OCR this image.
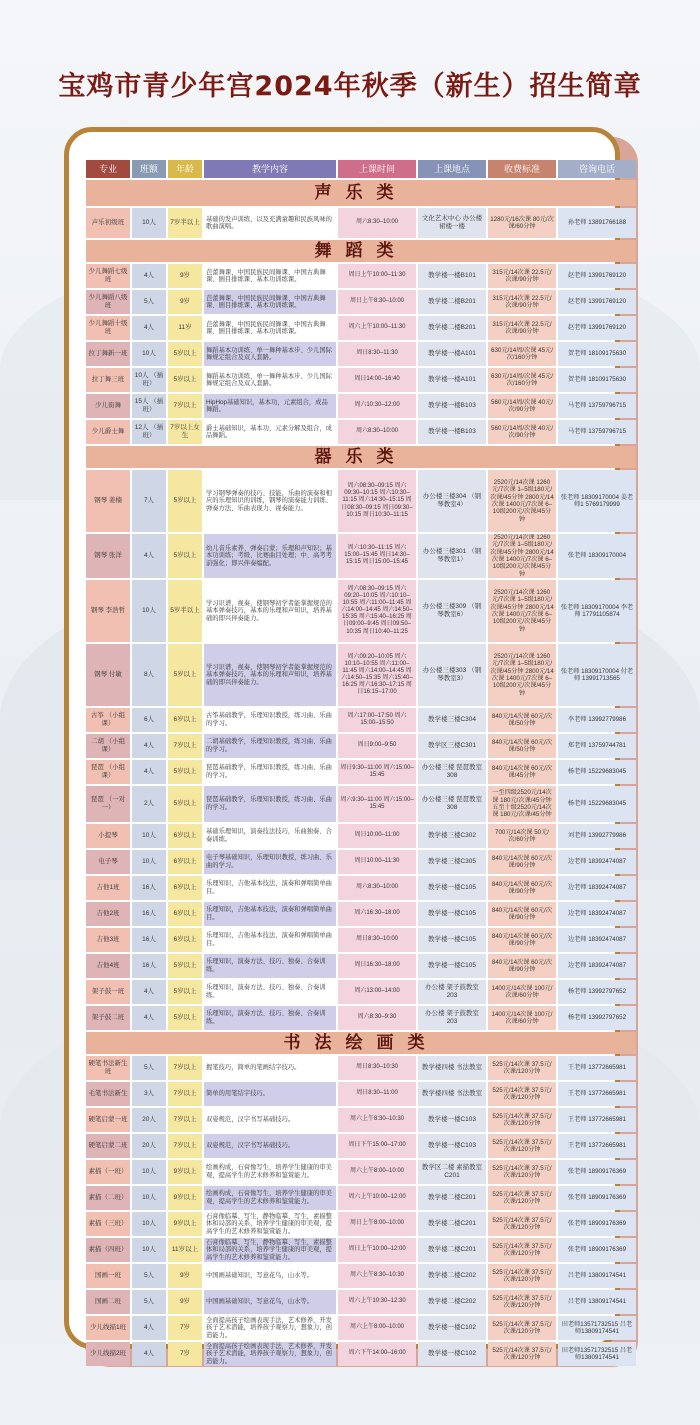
宝鸡市青少年宫2024年秋季（新生）招生简章
专业	班额	年龄	教学内容	上课时间	上课地点	收费标准	咨询电话
声乐类							
声乐初级班	10人	7岁半以上	基础的发声训练，以及充满童趣和民族风味的歌曲演唱。	周六8:30–10:00	文化艺术中心 办公楼裙楼一楼	1280元/16次课 80元/次课/60分钟	孙老师 13891766188
舞蹈类							
少儿舞蹈七级班	4人	9岁	芭蕾舞课、中国民族民间舞课、中国古典舞课、剧目排练课、基本功训练课。	周日上午10:00–11:30	教学楼一楼B101	315元/14次课 22.5元/次课/90分钟	赵老师 13991769120
少儿舞蹈八级班	5人	9岁	芭蕾舞课、中国民族民间舞课、中国古典舞课、剧目排练课、基本功训练课。	周日上午8:30–10:00	教学楼二楼B201	315元/14次课 22.5元/次课/90分钟	赵老师 13991769120
少儿舞蹈十级班	4人	11岁	芭蕾舞课、中国民族民间舞课、中国古典舞课、剧目排练课、基本功训练课。	周六上午10:00–11:30	教学楼二楼B201	315元/14次课 22.5元/次课/90分钟	赵老师 13991769120
拉丁舞新一班	10人	5岁以上	舞蹈基本功训练、单一舞种基本步、少儿国际舞规定组合及双人套路。	周日8:30–11:30	教学楼一楼A101	630元/14周/次课 45元/次/160分钟	贺老师 18109175630
拉丁舞三班	10人 （插班）	5岁以上	舞蹈基本功训练、单一舞种基本步、少儿国际舞规定组合及双人套路。	周日14:00–16:40	教学楼一楼A101	630元/14周/次课 45元/次/160分钟	贺老师 18109175630
少儿街舞	15人 （插班）	7岁以上	HipHop基础知识，基本功，元素组合，成品舞蹈。	周六10:30–12:00	教学楼一楼B103	560元/14周/次课 40元/次/90分钟	马老师 13759796715
少儿爵士舞	12人 （插班）	7岁以上女生	爵士基础知识，基本功，元素分解及组合，成品舞蹈。	周六8:30–10:00	教学楼一楼B103	560元/14周/次课 40元/次/90分钟	马老师 13759796715
器乐类							
钢琴 姜楠	7人	5岁以上	学习钢琴弹奏的技巧、技能，乐曲的演奏和相应的乐理知识的训练，钢琴的演奏能力训练、弹奏方法、乐曲表现力、视奏能力。	周六08:30–09:15 周六09:30–10:15 周六10:30–11:15 周六14:30–15:15 周日08:30–09:15 周日09:30–10:15 周日10:30–11:15	办公楼三楼304 （钢琴教室4）	2520元/14次课 1260元/7次课 1–5级180元/次课/45分钟 2800元/14次课 1400元/7次课 6–10级200元/次课/45分钟	张老师 18309170004 姜老师1 5769179999
钢琴 张洋	4人	5岁以上	幼儿音乐素养、弹奏启蒙；乐理和声知识；基本功训练；考级、比赛曲目处理；中、高考考前强化；即兴伴奏编配。	周六10:30–11:15 周六15:00–15:45 周日14:30–15:15 周日15:00–15:45	办公楼三楼301 （钢琴教室1）	2520元/14次课 1260元/7次课 1–5级180元/次课/45分钟 2800元/14次课 1400元/7次课 6–10级200元/次课/45分钟	张老师 18309170004
钢琴 李浩哲	10人	5岁半以上	学习识谱，视奏，使钢琴初学者能掌握规范的基本弹奏技巧，基本的乐理和声知识，培养基础的即兴伴奏能力。	周六08:30–09:15 周六09:20–10:05 周六10:10–10:55 周六11:00–11:45 周六14:00–14:45 周六14:50–15:35 周六15:40–16:25 周日09:00–9:45 周日09:50–10:35 周日10:40–11:25	办公楼三楼309 （钢琴教室6）	2520元/14次课 1260元/7次课 1–5级180元/次课/45分钟 2800元/14次课 1400元/7次课 6–10级200元/次课/45分钟	张老师 18309170004 李老师 17791105874
钢琴 付敏	8人	5岁以上	学习识谱，视奏，使钢琴初学者能掌握规范的基本弹奏技巧，基本的乐理和声知识，培养基础的即兴伴奏能力。	周六09:20–10:05 周六10:10–10:55 周六11:00–11:45 周六14:00–14:45 周六14:50–15:35 周六15:40–16:25 周六16:30–17:15 周日16:15–17:00	办公楼三楼303 （钢琴教室3）	2520元/14次课 1260元/7次课 1–5级180元/次课/45分钟 2800元/14次课 1400元/7次课 6–10级200元/次课/45分钟	张老师 18309170004 付老师 13991713565
古筝 （小组课）	6人	6岁以上	古筝基础教学，乐理知识教授，练习曲、乐曲的学习。	周六17:00–17:50 周六15:00–15:50	教学楼三楼C304	840元/14次课 60元/次课/50分钟	李老师 13992779986
二胡 （小组课）	4人	7岁以上	二胡基础教学，乐理知识教授，练习曲、乐曲的学习。	周日9:00–9:50	教学区三楼C301	840元/14次课 60元/次课/50分钟	郑老师 13759744781
琵琶 （小组课）	4人	5岁以上	琵琶基础教学，乐理知识教授，练习曲、乐曲的学习。	周日9:30–11:00 周六15:00–15:45	办公楼三楼 琵琶教室308	840元/14次课 60元/次课/45分钟	杨老师 15229683045
琵琶 （一对一）	2人	5岁以上	琵琶基础教学，乐理知识教授，练习曲、乐曲的学习。	周六9:30–11:00 周六15:00–15:45	办公楼三楼 琵琶教室308	一至四级2520元/14次课 180元/次课/45分钟 五至十级2520元/14次课 180元/次课/45分钟	杨老师 15229683045
小提琴	10人	6岁以上	基础乐理知识，演奏技法技巧，乐曲独奏、合奏训练。	周日10:00–11:00	教学楼三楼C302	700元/14次课 50元/次/60分钟	刘老师 13992779986
电子琴	10人	6岁以上	电子琴基础知识，乐理知识教授，练习曲、乐曲的学习。	周日10:00–11:30	教学楼三楼C305	840元/14次课 60元/次课/90分钟	边老师 18392474087
吉他1班	16人	6岁以上	乐理知识，吉他基本技法，演奏和弹唱简单曲目。	周六8:30–10:00	教学楼一楼C105	840元/14次课 60元/次课/90分钟	边老师 18392474087
吉他2班	16人	6岁以上	乐理知识，吉他基本技法，演奏和弹唱简单曲目。	周六16:30–18:00	教学楼一楼C105	840元/14次课 60元/次课/90分钟	边老师 18392474087
吉他3班	16人	6岁以上	乐理知识，吉他基本技法，演奏和弹唱简单曲目。	周日8:30–10:00	教学楼一楼C105	840元/14次课 60元/次课/90分钟	边老师 18392474087
吉他4班	16人	5岁以上	乐理知识，演奏方法、技巧、独奏、合奏训练。	周日16:30–18:00	教学楼一楼C105	840元/14次课 60元/次课/90分钟	边老师 18392474087
架子鼓一班	4人	5岁以上	乐理知识，演奏方法、技巧、独奏、合奏训练。	周六13:00–14:00	办公楼 架子鼓教室203	1400元/14次课 100元/次课/60分钟	杨老师 13992797652
架子鼓二班	4人	5岁以上	乐理知识，演奏方法、技巧、独奏、合奏训练。	周六8:30–9:30	办公楼 架子鼓教室203	1400元/14次课 100元/次课/60分钟	杨老师 13992797652
书法绘画类							
硬笔书法新生班	5人	7岁以上	握笔技巧，简单的笔画结字技巧。	周日8:30–10:30	教学楼四楼 书法教室	525元/14次课 37.5元/次课/120分钟	王老师 13772665981
毛笔书法新生	3人	7岁以上	简单的用笔结字技巧。	周日8:30–11:00	教学楼四楼 书法教室	525元/14次课 37.5元/次课/120分钟	王老师 13772665981
硬笔启蒙一班	20人	7岁以上	双姿规范，汉字书写基础技巧。	周六上午8:30–10:30	教学楼一楼C103	525元/14次课 37.5元/次课/120分钟	王老师 13772665981
硬笔启蒙二班	20人	7岁以上	双姿规范，汉字书写基础技巧。	周日下午15:00–17:00	教学楼一楼C103	525元/14次课 37.5元/次课/120分钟	王老师 13772665981
素描（一班）	10人	9岁以上	绘画构成，石膏像写生，培养学生健康的审美观，提高学生的艺术修养和鉴赏能力。	周六上午8:00–10:00	教学区二楼 素描教室C201	525元/14次课 37.5元/次课/120分钟	张老师 18909176369
素描（二班）	10人	9岁以上	绘画构成，石膏像写生，培养学生健康的审美观，提高学生的艺术修养和鉴赏能力。	周六上午10:00–12:00	教学楼二楼C201	525元/14次课 37.5元/次课/120分钟	张老师 18909176369
素描（三班）	10人	9岁以上	石膏像临摹、写生，静物临摹、写生，素描整体和局部的关系，培养学生健康的审美观，提高学生的艺术修养和鉴赏能力。	周日上午8:00–10:00	教学楼二楼C201	525元/14次课 37.5元/次课/120分钟	张老师 18909176369
素描（四班）	10人	11岁以上	石膏像临摹、写生，静物临摹、写生，素描整体和局部的关系，培养学生健康的审美观，提高学生的艺术修养和鉴赏能力。	周日上午10:00–12:00	教学楼二楼C201	525元/14次课 37.5元/次课/120分钟	张老师 18909176369
国画一班	5人	9岁	中国画基础知识，写意花鸟，山水等。	周六上午8:30–10:30	教学楼二楼C202	525元/14次课 37.5元/次课/120分钟	吕老师 13809174541
国画二班	5人	9岁	中国画基础知识，写意花鸟，山水等。	周六上午10:30–12:30	教学楼二楼C202	525元/14次课 37.5元/次课/120分钟	吕老师 13809174541
少儿线描1班	4人	7岁	全面提高孩子绘画表现手法，艺术修养，开发孩子艺术潜能，培养孩子观察力，想象力，创造能力。	周六上午8:00–10:00	教学楼一楼C102	525元/14次课 37.5元/次课/120分钟	田老师13571732515 吕老师13809174541
少儿线描2班	4人	7岁	全面提高孩子绘画表现手法，艺术修养，开发孩子艺术潜能，培养孩子观察力，想象力，创造能力。	周六下午14:00–16:00	教学楼一楼C102	525元/14次课 37.5元/次课/120分钟	田老师13571732515 吕老师13809174541
